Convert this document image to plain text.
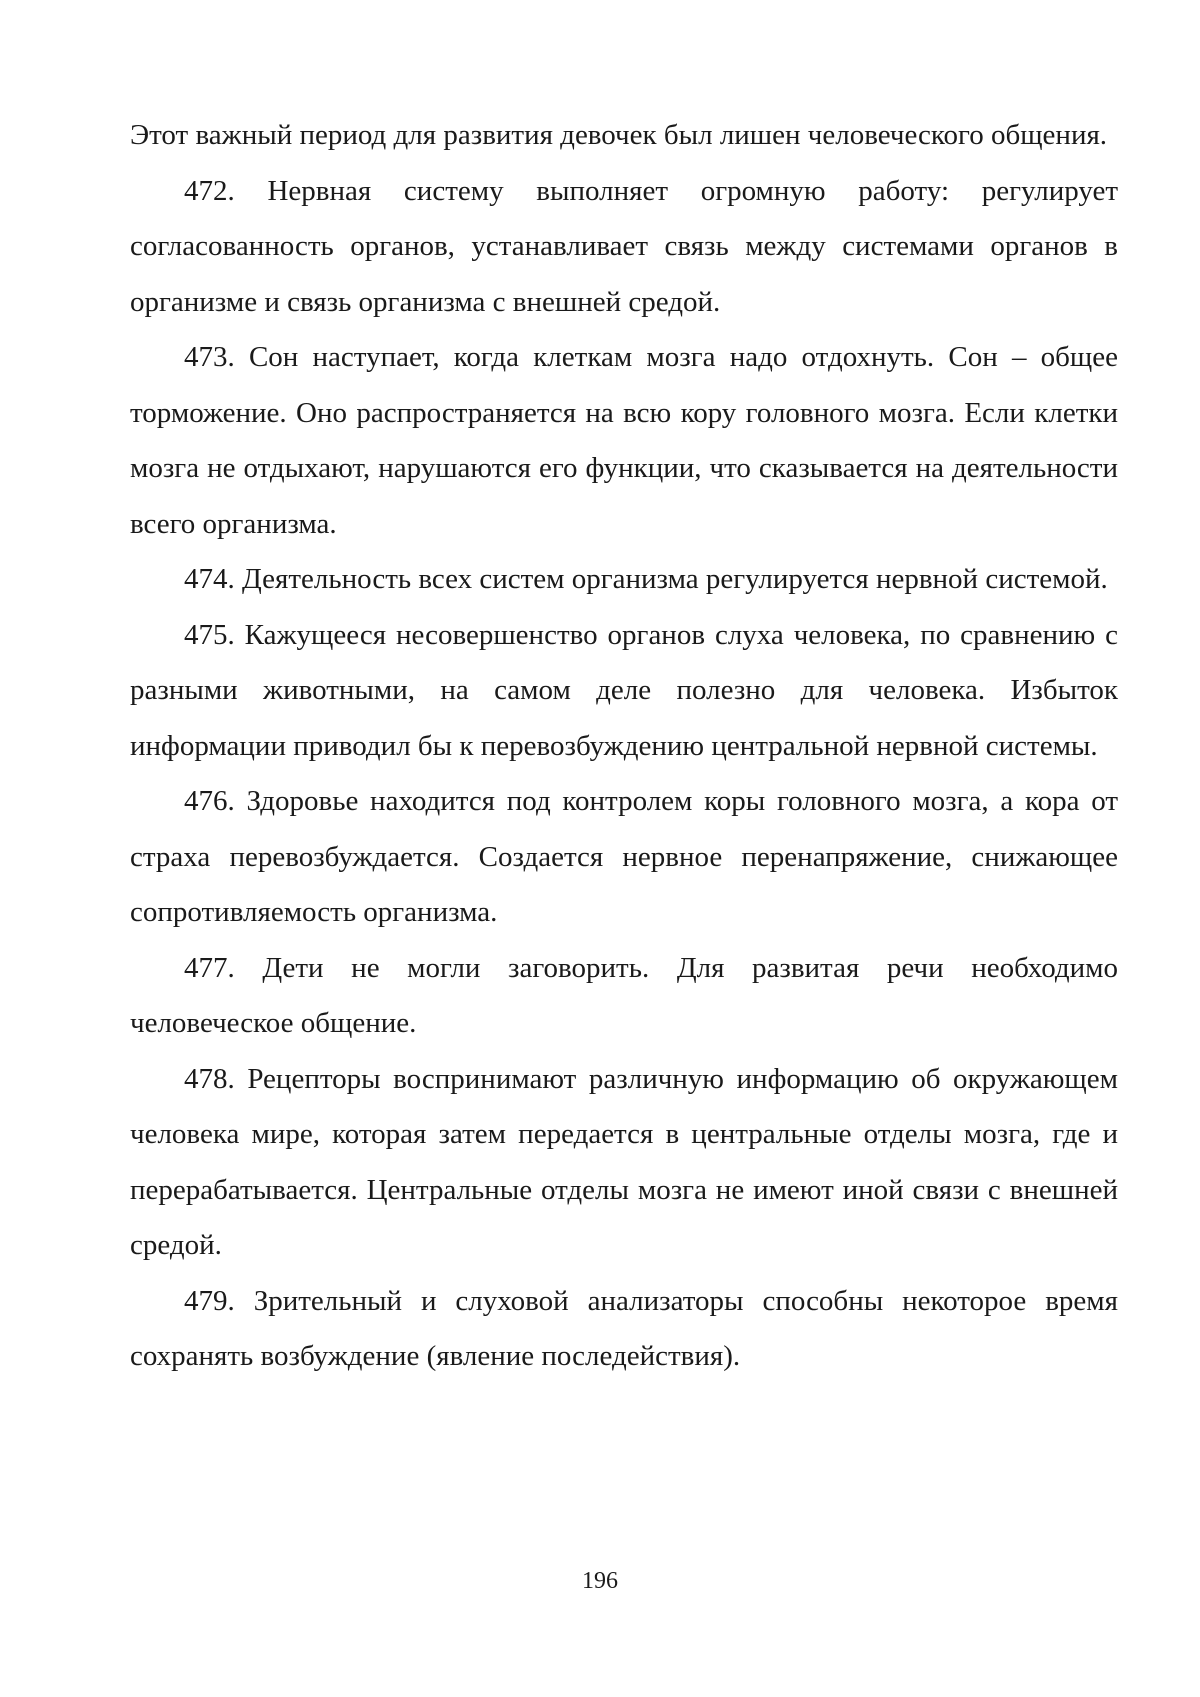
Этот важный период для развития девочек был лишен человеческого общения.

472. Нервная систему выполняет огромную работу: регулирует согласованность органов, устанавливает связь между системами органов в организме и связь организма с внешней средой.

473. Сон наступает, когда клеткам мозга надо отдохнуть. Сон – общее торможение. Оно распространяется на всю кору головного мозга. Если клетки мозга не отдыхают, нарушаются его функции, что сказывается на деятельности всего организма.

474. Деятельность всех систем организма регулируется нервной системой.

475. Кажущееся несовершенство органов слуха человека, по сравнению с разными животными, на самом деле полезно для человека. Избыток информации приводил бы к перевозбуждению центральной нервной системы.

476. Здоровье находится под контролем коры головного мозга, а кора от страха перевозбуждается. Создается нервное перенапряжение, снижающее сопротивляемость организма.

477. Дети не могли заговорить. Для развитая речи необходимо человеческое общение.

478. Рецепторы воспринимают различную информацию об окружающем человека мире, которая затем передается в центральные отделы мозга, где и перерабатывается. Центральные отделы мозга не имеют иной связи с внешней средой.

479. Зрительный и слуховой анализаторы способны некоторое время сохранять возбуждение (явление последействия).

196
